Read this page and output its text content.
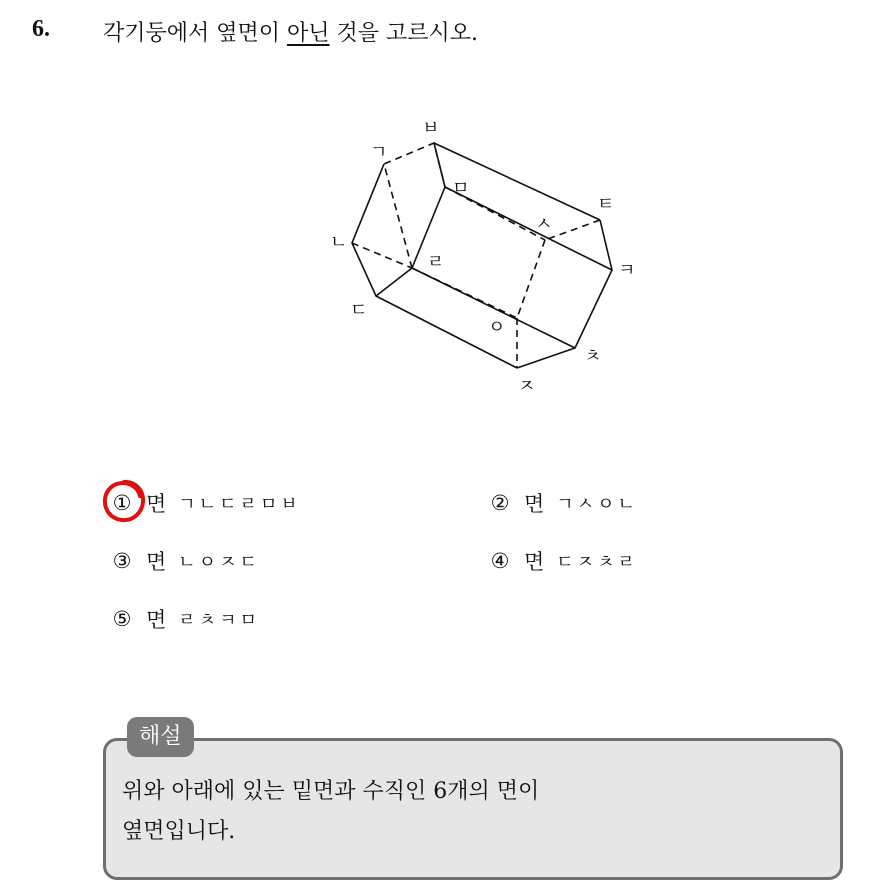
6. 각기둥에서 옆면이 아닌 것을 고르시오.
ㄱ
ㅂ
ㅁ
ㅌ
ㅅ
ㄴ
ㄹ	ㅋ
ㄷ
ㅇ
ㅊ
ㅈ
① 면 ㄱㄴㄷㄹㅁㅂ	② 면 ㄱㅅㅇㄴ
③ 면 ㄴㅇㅈㄷ	④ 면 ㄷㅈㅊㄹ
⑤ 면 ㄹㅊㅋㅁ
해설
위와 아래에 있는 밑면과 수직인 6개의 면이
옆면입니다.
